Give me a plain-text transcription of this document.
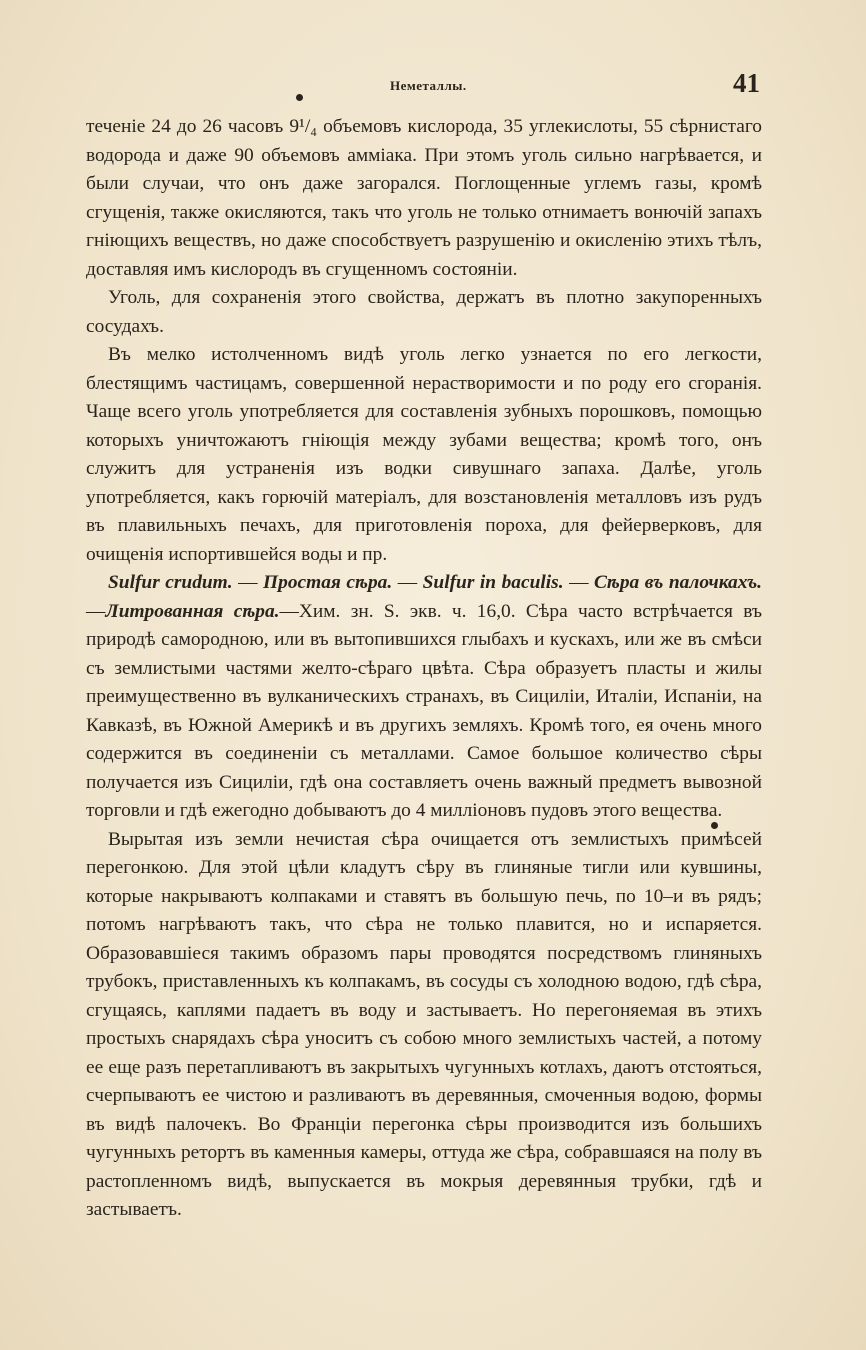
Неметаллы.	41

теченіе 24 до 26 часовъ 9¹/₄ объемовъ кислорода, 35 углекислоты, 55 сѣрнистаго водорода и даже 90 объемовъ амміака. При этомъ уголь сильно нагрѣвается, и были случаи, что онъ даже загорался. Поглощенные углемъ газы, кромѣ сгущенія, также окисляются, такъ что уголь не только отнимаетъ вонючій запахъ гніющихъ веществъ, но даже способствуетъ разрушенію и окисленію этихъ тѣлъ, доставляя имъ кислородъ въ сгущенномъ состояніи.

Уголь, для сохраненія этого свойства, держатъ въ плотно закупоренныхъ сосудахъ.

Въ мелко истолченномъ видѣ уголь легко узнается по его легкости, блестящимъ частицамъ, совершенной нерастворимости и по роду его сгоранія. Чаще всего уголь употребляется для составленія зубныхъ порошковъ, помощью которыхъ уничтожаютъ гніющія между зубами вещества; кромѣ того, онъ служитъ для устраненія изъ водки сивушнаго запаха. Далѣе, уголь употребляется, какъ горючій матеріалъ, для возстановленія металловъ изъ рудъ въ плавильныхъ печахъ, для приготовленія пороха, для фейерверковъ, для очищенія испортившейся воды и пр.

Sulfur crudum. — Простая сѣра. — Sulfur in baculis. — Сѣра въ палочкахъ.—Литрованная сѣра.—Хим. зн. S. экв. ч. 16,0. Сѣра часто встрѣчается въ природѣ самородною, или въ вытопившихся глыбахъ и кускахъ, или же въ смѣси съ землистыми частями желто-сѣраго цвѣта. Сѣра образуетъ пласты и жилы преимущественно въ вулканическихъ странахъ, въ Сициліи, Италіи, Испаніи, на Кавказѣ, въ Южной Америкѣ и въ другихъ земляхъ. Кромѣ того, ея очень много содержится въ соединеніи съ металлами. Самое большое количество сѣры получается изъ Сициліи, гдѣ она составляетъ очень важный предметъ вывозной торговли и гдѣ ежегодно добываютъ до 4 милліоновъ пудовъ этого вещества.

Вырытая изъ земли нечистая сѣра очищается отъ землистыхъ примѣсей перегонкою. Для этой цѣли кладутъ сѣру въ глиняные тигли или кувшины, которые накрываютъ колпаками и ставятъ въ большую печь, по 10–и въ рядъ; потомъ нагрѣваютъ такъ, что сѣра не только плавится, но и испаряется. Образовавшіеся такимъ образомъ пары проводятся посредствомъ глиняныхъ трубокъ, приставленныхъ къ колпакамъ, въ сосуды съ холодною водою, гдѣ сѣра, сгущаясь, каплями падаетъ въ воду и застываетъ. Но перегоняемая въ этихъ простыхъ снарядахъ сѣра уноситъ съ собою много землистыхъ частей, а потому ее еще разъ перетапливаютъ въ закрытыхъ чугунныхъ котлахъ, даютъ отстояться, счерпываютъ ее чистою и разливаютъ въ деревянныя, смоченныя водою, формы въ видѣ палочекъ. Во Франціи перегонка сѣры производится изъ большихъ чугунныхъ ретортъ въ каменныя камеры, оттуда же сѣра, собравшаяся на полу въ растопленномъ видѣ, выпускается въ мокрыя деревянныя трубки, гдѣ и застываетъ.
